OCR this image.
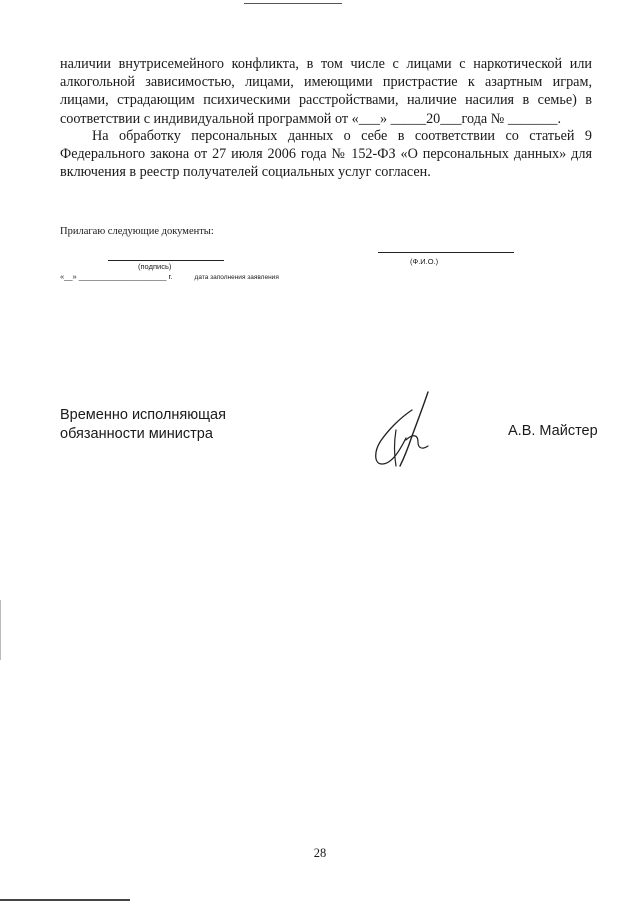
наличии внутрисемейного конфликта, в том числе с лицами с наркотической или алкогольной зависимостью, лицами, имеющими пристрастие к азартным играм, лицами, страдающим психическими расстройствами, наличие насилия в семье) в соответствии с индивидуальной программой от «___» _____20___года № _______.
На обработку персональных данных о себе в соответствии со статьей 9 Федерального закона от 27 июля 2006 года № 152-ФЗ «О персональных данных» для включения в реестр получателей социальных услуг согласен.
Прилагаю следующие документы:
(подпись)
(Ф.И.О.)
«__» _____________________ г.	дата заполнения заявления
Временно исполняющая
обязанности министра	А.В. Майстер
28
